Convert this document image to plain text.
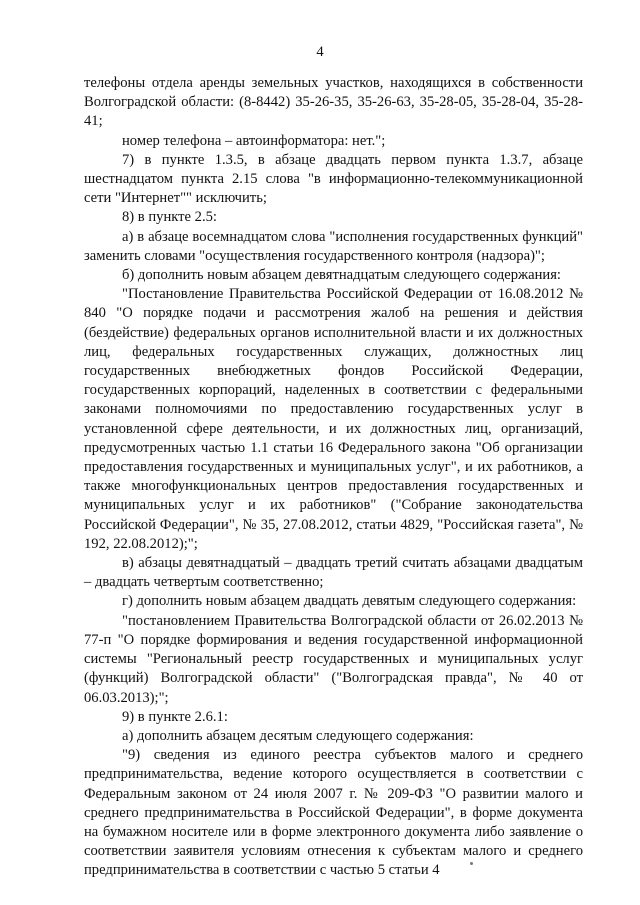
4

телефоны отдела аренды земельных участков, находящихся в собственности Волгоградской области: (8-8442) 35-26-35, 35-26-63, 35-28-05, 35-28-04, 35-28-41;

номер телефона – автоинформатора: нет.";

7) в пункте 1.3.5, в абзаце двадцать первом пункта 1.3.7, абзаце шестнадцатом пункта 2.15 слова "в информационно-телекоммуникационной сети "Интернет"" исключить;

8) в пункте 2.5:

а) в абзаце восемнадцатом слова "исполнения государственных функций" заменить словами "осуществления государственного контроля (надзора)";

б) дополнить новым абзацем девятнадцатым следующего содержания:

"Постановление Правительства Российской Федерации от 16.08.2012 № 840 "О порядке подачи и рассмотрения жалоб на решения и действия (бездействие) федеральных органов исполнительной власти и их должностных лиц, федеральных государственных служащих, должностных лиц государственных внебюджетных фондов Российской Федерации, государственных корпораций, наделенных в соответствии с федеральными законами полномочиями по предоставлению государственных услуг в установленной сфере деятельности, и их должностных лиц, организаций, предусмотренных частью 1.1 статьи 16 Федерального закона "Об организации предоставления государственных и муниципальных услуг", и их работников, а также многофункциональных центров предоставления государственных и муниципальных услуг и их работников" ("Собрание законодательства Российской Федерации", № 35, 27.08.2012, статьи 4829, "Российская газета", № 192, 22.08.2012);";

в) абзацы девятнадцатый – двадцать третий считать абзацами двадцатым – двадцать четвертым соответственно;

г) дополнить новым абзацем двадцать девятым следующего содержания:

"постановлением Правительства Волгоградской области от 26.02.2013 № 77-п "О порядке формирования и ведения государственной информационной системы "Региональный реестр государственных и муниципальных услуг (функций) Волгоградской области" ("Волгоградская правда", № 40 от 06.03.2013);";

9) в пункте 2.6.1:

а) дополнить абзацем десятым следующего содержания:

"9) сведения из единого реестра субъектов малого и среднего предпринимательства, ведение которого осуществляется в соответствии с Федеральным законом от 24 июля 2007 г. № 209-ФЗ "О развитии малого и среднего предпринимательства в Российской Федерации", в форме документа на бумажном носителе или в форме электронного документа либо заявление о соответствии заявителя условиям отнесения к субъектам малого и среднего предпринимательства в соответствии с частью 5 статьи 4
